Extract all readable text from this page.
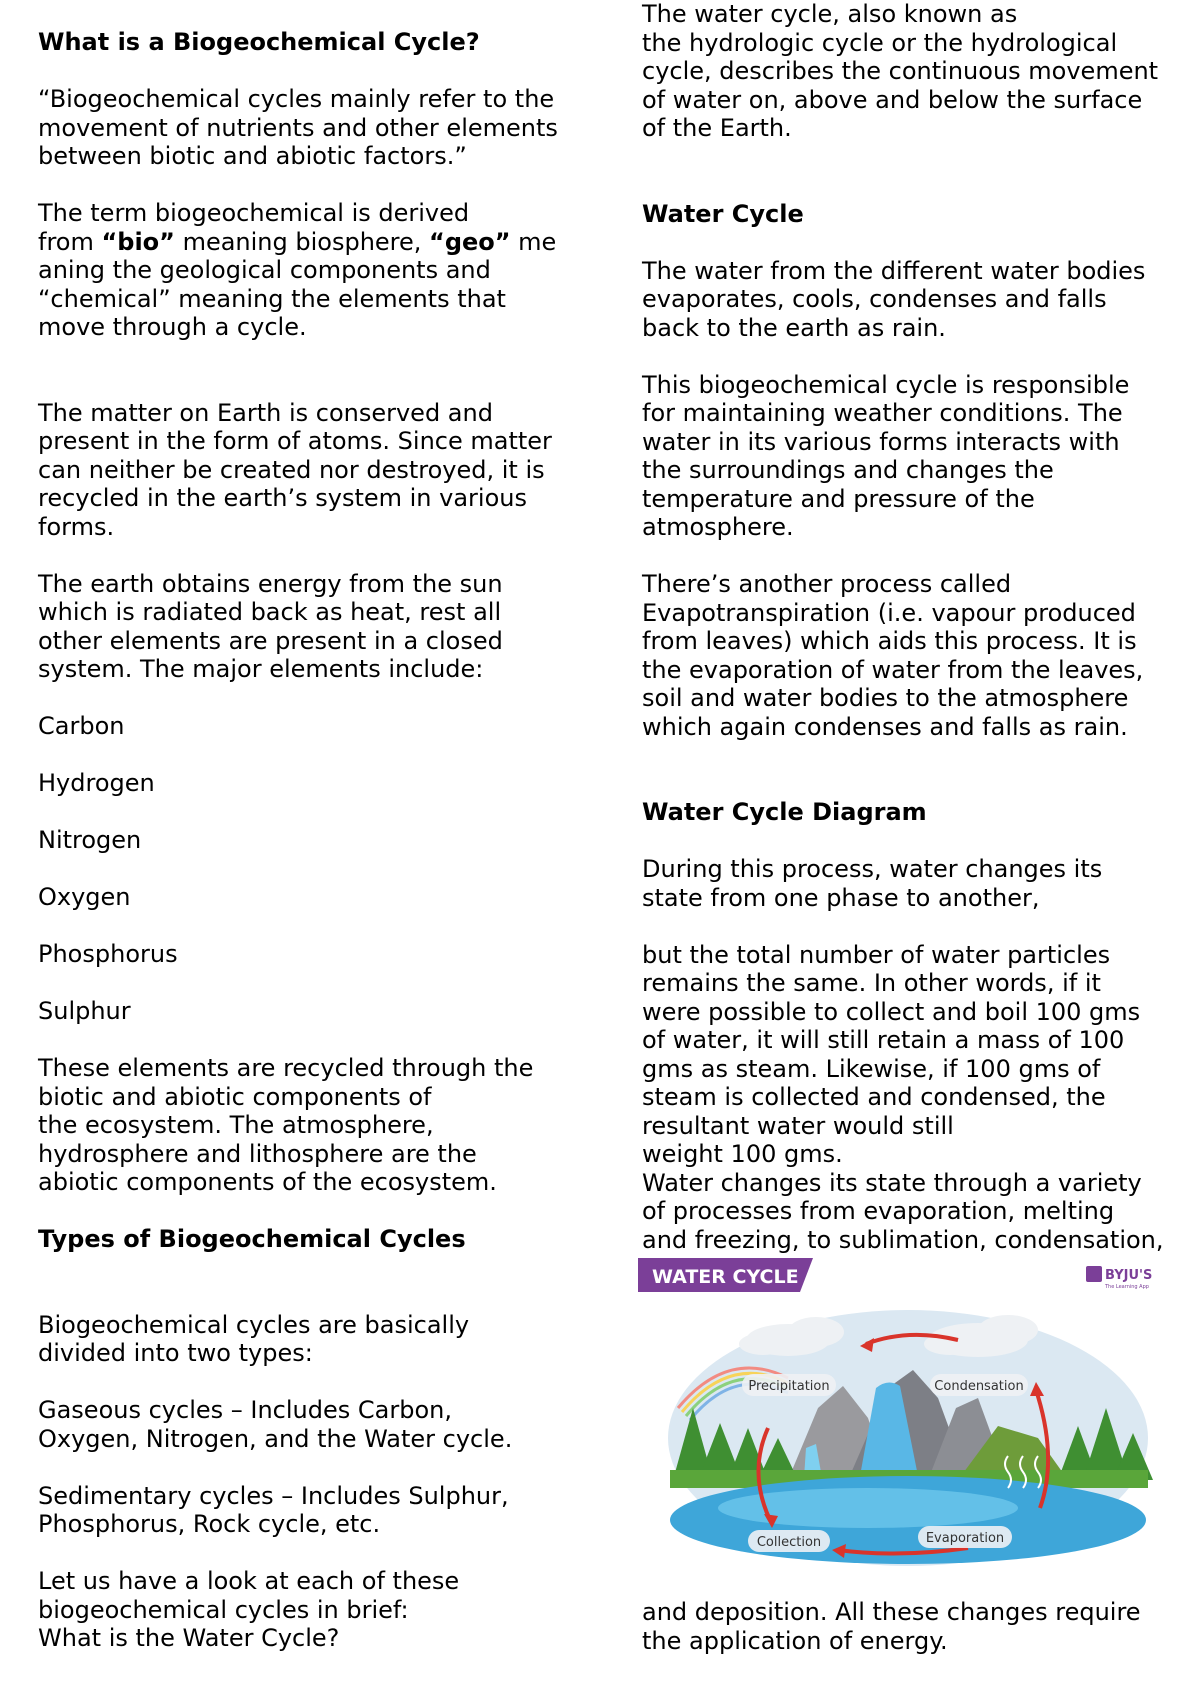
What is a Biogeochemical Cycle?

“Biogeochemical cycles mainly refer to the

movement of nutrients and other elements

between biotic and abiotic factors.”

The term biogeochemical is derived

from “bio” meaning biosphere, “geo” me

aning the geological components and

“chemical” meaning the elements that

move through a cycle.

The matter on Earth is conserved and

present in the form of atoms. Since matter

can neither be created nor destroyed, it is

recycled in the earth’s system in various

forms.

The earth obtains energy from the sun

which is radiated back as heat, rest all

other elements are present in a closed

system. The major elements include:

Carbon

Hydrogen

Nitrogen

Oxygen

Phosphorus

Sulphur

These elements are recycled through the

biotic and abiotic components of

the ecosystem. The atmosphere,

hydrosphere and lithosphere are the

abiotic components of the ecosystem.

Types of Biogeochemical Cycles

Biogeochemical cycles are basically

divided into two types:

Gaseous cycles – Includes Carbon,

Oxygen, Nitrogen, and the Water cycle.

Sedimentary cycles – Includes Sulphur,

Phosphorus, Rock cycle, etc.

Let us have a look at each of these

biogeochemical cycles in brief:

What is the Water Cycle?

The water cycle, also known as

the hydrologic cycle or the hydrological

cycle, describes the continuous movement

of water on, above and below the surface

of the Earth.

Water Cycle

The water from the different water bodies

evaporates, cools, condenses and falls

back to the earth as rain.

This biogeochemical cycle is responsible

for maintaining weather conditions. The

water in its various forms interacts with

the surroundings and changes the

temperature and pressure of the

atmosphere.

There’s another process called

Evapotranspiration (i.e. vapour produced

from leaves) which aids this process. It is

the evaporation of water from the leaves,

soil and water bodies to the atmosphere

which again condenses and falls as rain.

Water Cycle Diagram

During this process, water changes its

state from one phase to another,

but the total number of water particles

remains the same. In other words, if it

were possible to collect and boil 100 gms

of water, it will still retain a mass of 100

gms as steam. Likewise, if 100 gms of

steam is collected and condensed, the

resultant water would still

weight 100 gms.

Water changes its state through a variety

of processes from evaporation, melting

and freezing, to sublimation, condensation,

WATER CYCLE	BYJU'S
The Learning App
Precipitation	Condensation
Collection	Evaporation

and deposition. All these changes require

the application of energy.
